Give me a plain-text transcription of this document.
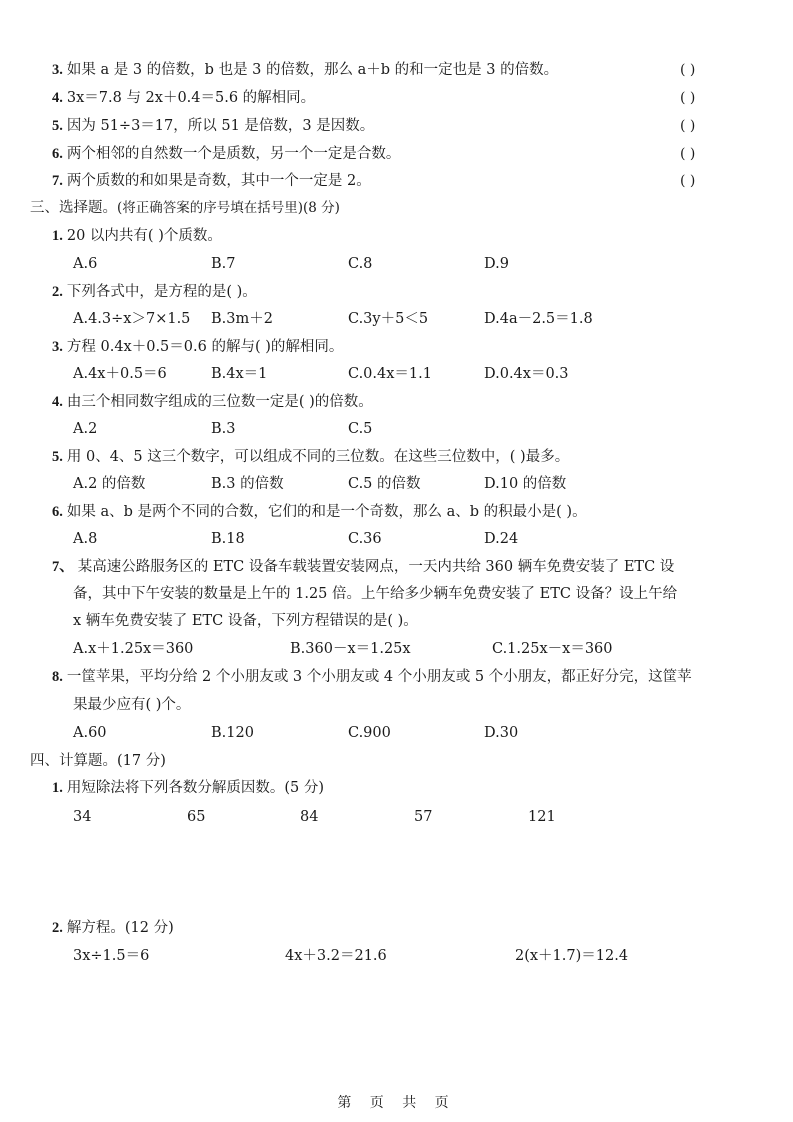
3. 如果 a 是 3 的倍数，b 也是 3 的倍数，那么 a＋b 的和一定也是 3 的倍数。	( )
4. 3x＝7.8 与 2x＋0.4＝5.6 的解相同。	( )
5. 因为 51÷3＝17，所以 51 是倍数，3 是因数。	( )
6. 两个相邻的自然数一个是质数，另一个一定是合数。	( )
7. 两个质数的和如果是奇数，其中一个一定是 2。	( )
三、选择题。(将正确答案的序号填在括号里)(8 分)
1. 20 以内共有( )个质数。
A.6	B.7	C.8	D.9
2. 下列各式中，是方程的是( )。
A.4.3÷x＞7×1.5 B.3m＋2	C.3y＋5＜5	D.4a－2.5＝1.8
3. 方程 0.4x＋0.5＝0.6 的解与( )的解相同。
A.4x＋0.5＝6	B.4x＝1	C.0.4x＝1.1	D.0.4x＝0.3
4. 由三个相同数字组成的三位数一定是( )的倍数。
A.2	B.3	C.5
5. 用 0、4、5 这三个数字，可以组成不同的三位数。在这些三位数中，( )最多。
A.2 的倍数	B.3 的倍数	C.5 的倍数	D.10 的倍数
6. 如果 a、b 是两个不同的合数，它们的和是一个奇数，那么 a、b 的积最小是( )。
A.8	B.18	C.36	D.24
7、 某高速公路服务区的 ETC 设备车载装置安装网点，一天内共给 360 辆车免费安装了 ETC 设
备，其中下午安装的数量是上午的 1.25 倍。上午给多少辆车免费安装了 ETC 设备？设上午给
x 辆车免费安装了 ETC 设备，下列方程错误的是( )。
A.x＋1.25x＝360	B.360－x＝1.25x	C.1.25x－x＝360
8. 一筐苹果，平均分给 2 个小朋友或 3 个小朋友或 4 个小朋友或 5 个小朋友，都正好分完，这筐苹
果最少应有( )个。
A.60	B.120	C.900	D.30
四、计算题。(17 分)
1. 用短除法将下列各数分解质因数。(5 分)
34	65	84	57	121
2. 解方程。(12 分)
3x÷1.5＝6	4x＋3.2＝21.6	2(x＋1.7)＝12.4
第 页 共 页
